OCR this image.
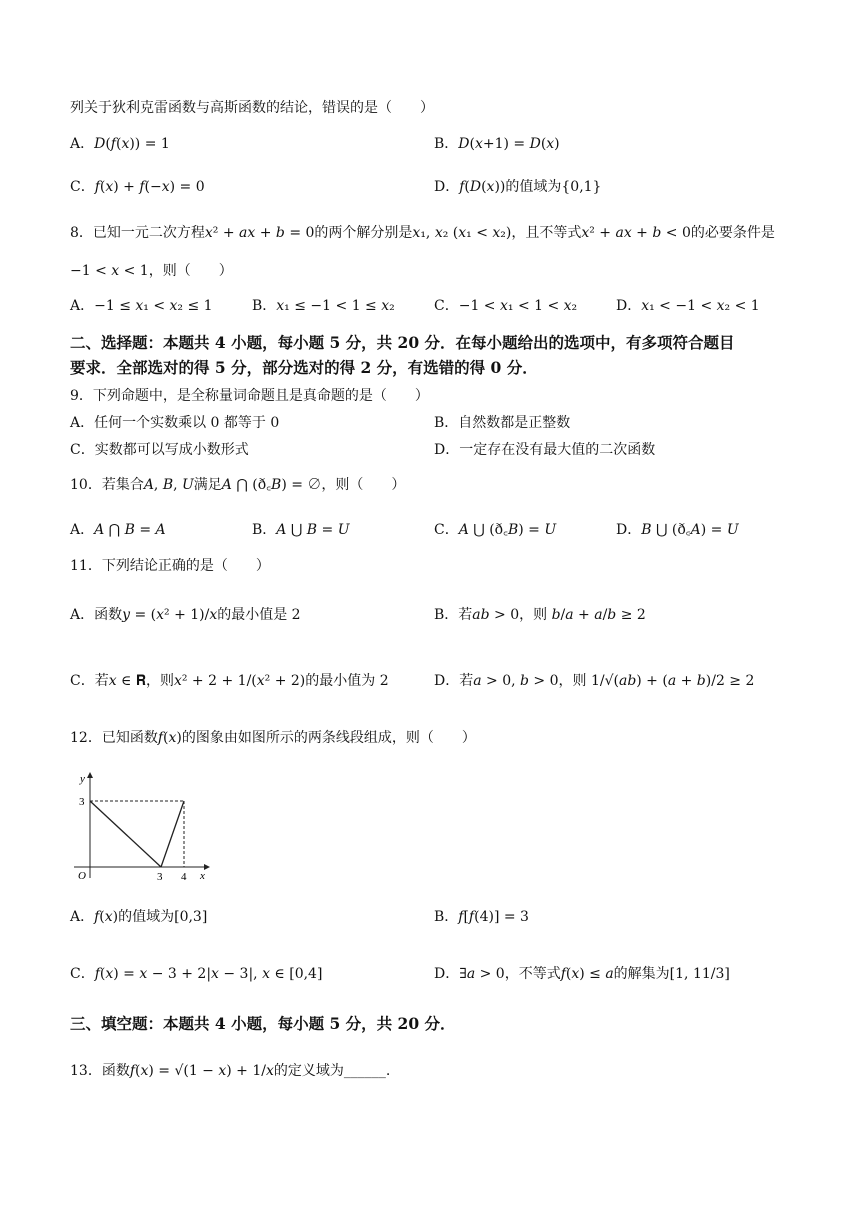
列关于狄利克雷函数与高斯函数的结论，错误的是（　　）
A．𝐷(𝑓(𝑥)) = 1	B．𝐷(𝑥+1) = 𝐷(𝑥)
C．𝑓(𝑥) + 𝑓(−𝑥) = 0	D．𝑓(𝐷(𝑥))的值域为{0,1}
8．已知一元二次方程𝑥² + 𝑎𝑥 + 𝑏 = 0的两个解分别是𝑥₁, 𝑥₂ (𝑥₁ < 𝑥₂)，且不等式𝑥² + 𝑎𝑥 + 𝑏 < 0的必要条件是
−1 < 𝑥 < 1，则（　　）
A．−1 ≤ 𝑥₁ < 𝑥₂ ≤ 1	B．𝑥₁ ≤ −1 < 1 ≤ 𝑥₂	C．−1 < 𝑥₁ < 1 < 𝑥₂	D．𝑥₁ < −1 < 𝑥₂ < 1
二、选择题：本题共 4 小题，每小题 5 分，共 20 分．在每小题给出的选项中，有多项符合题目
要求．全部选对的得 5 分，部分选对的得 2 分，有选错的得 0 分．
9．下列命题中，是全称量词命题且是真命题的是（　　）
A．任何一个实数乘以 0 都等于 0	B．自然数都是正整数
C．实数都可以写成小数形式	D．一定存在没有最大值的二次函数
10．若集合𝐴, 𝐵, 𝑈满足𝐴 ⋂ (ð꜀𝐵) = ∅，则（　　）
A．𝐴 ⋂ 𝐵 = 𝐴	B．𝐴 ⋃ 𝐵 = 𝑈	C．𝐴 ⋃ (ð꜀𝐵) = 𝑈	D．𝐵 ⋃ (ð꜀𝐴) = 𝑈
11．下列结论正确的是（　　）
A．函数𝑦 = (𝑥² + 1)/𝑥的最小值是 2	B．若𝑎𝑏 > 0，则 𝑏/𝑎 + 𝑎/𝑏 ≥ 2
C．若𝑥 ∈ 𝐑，则𝑥² + 2 + 1/(𝑥² + 2)的最小值为 2	D．若𝑎 > 0, 𝑏 > 0，则 1/√(𝑎𝑏) + (𝑎 + 𝑏)/2 ≥ 2
12．已知函数𝑓(𝑥)的图象由如图所示的两条线段组成，则（　　）
y
x
O
3
3 4
A．𝑓(𝑥)的值域为[0,3]	B．𝑓[𝑓(4)] = 3
C．𝑓(𝑥) = 𝑥 − 3 + 2|𝑥 − 3|, 𝑥 ∈ [0,4]	D．∃𝑎 > 0，不等式𝑓(𝑥) ≤ 𝑎的解集为[1, 11/3]
三、填空题：本题共 4 小题，每小题 5 分，共 20 分．
13．函数𝑓(𝑥) = √(1 − 𝑥) + 1/𝑥的定义域为______.
